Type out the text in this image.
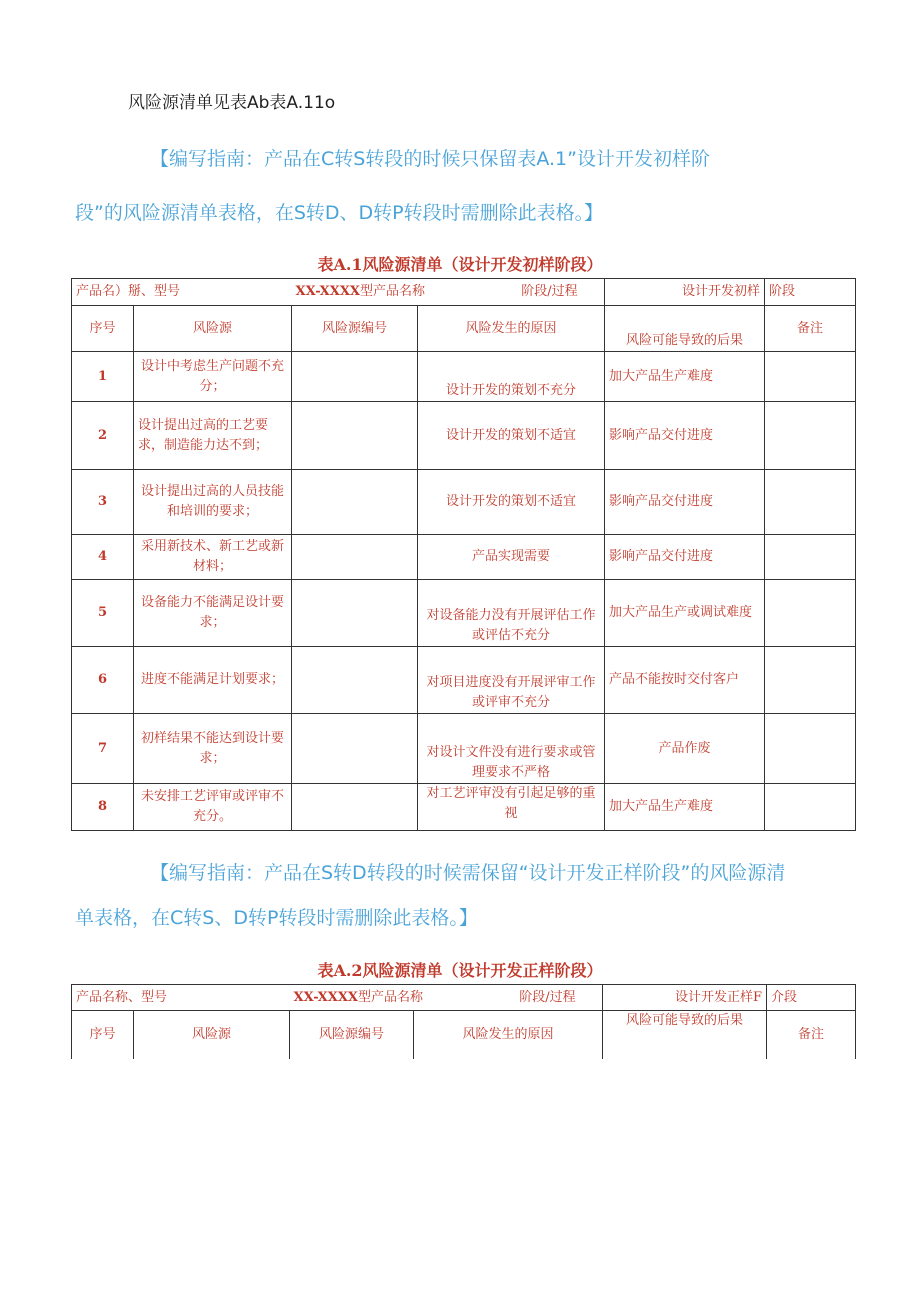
风险源清单见表Ab表A.11o
【编写指南：产品在C转S转段的时候只保留表A.1”设计开发初样阶
段”的风险源清单表格，在S转D、D转P转段时需删除此表格。】
表A.1风险源清单（设计开发初样阶段）
产品名）掰、型号		XX-XXXX型产品名称 阶段/过程		设计开发初样	阶段
序号	风险源	风险源编号	风险发生的原因	风险可能导致的后果	备注
1	设计中考虑生产问题不充分；		设计开发的策划不充分	加大产品生产难度	
2	设计提出过高的工艺要求，制造能力达不到；		设计开发的策划不适宜	影响产品交付进度	
3	设计提出过高的人员技能和培训的要求；		设计开发的策划不适宜	影响产品交付进度	
4	采用新技术、新工艺或新材料；		产品实现需要	影响产品交付进度	
5	设备能力不能满足设计要求；		对设备能力没有开展评估工作或评估不充分	加大产品生产或调试难度	
6	进度不能满足计划要求；		对项目进度没有开展评审工作或评审不充分	产品不能按时交付客户	
7	初样结果不能达到设计要求；		对设计文件没有进行要求或管理要求不严格	产品作废	
8	未安排工艺评审或评审不充分。		对工艺评审没有引起足够的重视	加大产品生产难度	
【编写指南：产品在S转D转段的时候需保留“设计开发正样阶段”的风险源清
单表格，在C转S、D转P转段时需删除此表格。】
表A.2风险源清单（设计开发正样阶段）
产品名称、型号		XX-XXXX型产品名称 阶段/过程		设计开发正样F	介段
序号	风险源	风险源编号	风险发生的原因	风险可能导致的后果	备注
